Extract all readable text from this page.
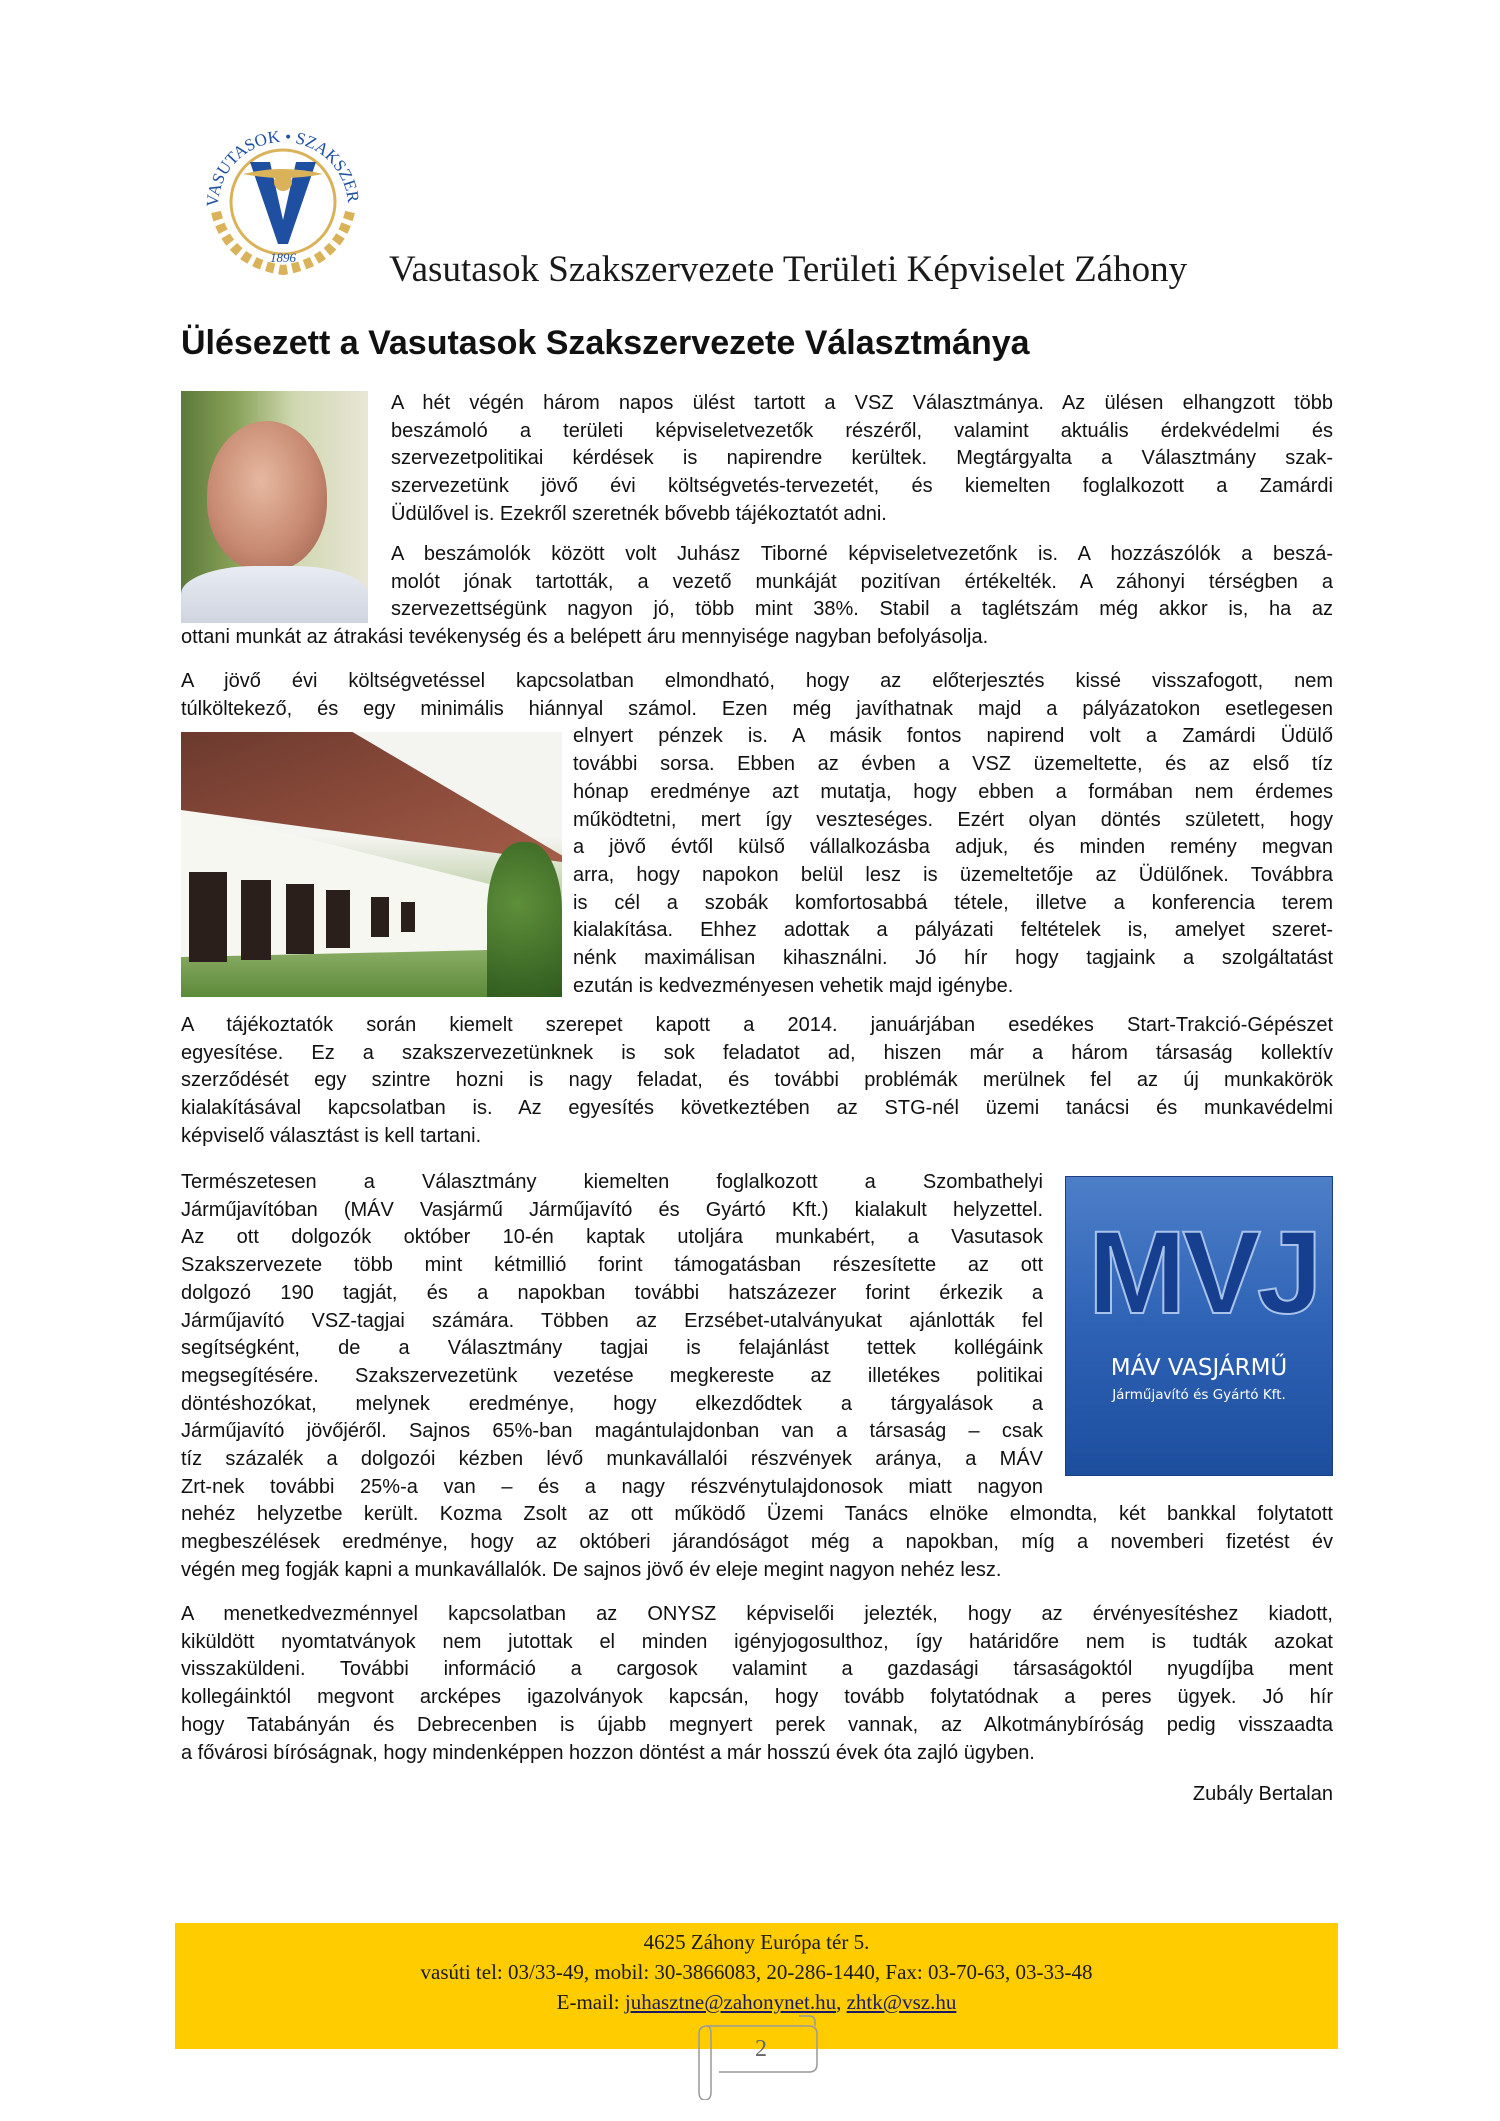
VASUTASOK • SZAKSZER
1896	Vasutasok Szakszervezete Területi Képviselet Záhony
Ülésezett a Vasutasok Szakszervezete Választmánya
MVJ
MÁV VASJÁRMŰ
Járműjavító és Gyártó Kft.
A hét végén három napos ülést tartott a VSZ Választmánya. Az ülésen elhangzott több
beszámoló a területi képviseletvezetők részéről, valamint aktuális érdekvédelmi és
szervezetpolitikai kérdések is napirendre kerültek. Megtárgyalta a Választmány szak-
szervezetünk jövő évi költségvetés-tervezetét, és kiemelten foglalkozott a Zamárdi
Üdülővel is. Ezekről szeretnék bővebb tájékoztatót adni.
A beszámolók között volt Juhász Tiborné képviseletvezetőnk is. A hozzászólók a beszá-
molót jónak tartották, a vezető munkáját pozitívan értékelték. A záhonyi térségben a
szervezettségünk nagyon jó, több mint 38%. Stabil a taglétszám még akkor is, ha az
ottani munkát az átrakási tevékenység és a belépett áru mennyisége nagyban befolyásolja.
A jövő évi költségvetéssel kapcsolatban elmondható, hogy az előterjesztés kissé visszafogott, nem
túlköltekező, és egy minimális hiánnyal számol. Ezen még javíthatnak majd a pályázatokon esetlegesen
elnyert pénzek is. A másik fontos napirend volt a Zamárdi Üdülő
további sorsa. Ebben az évben a VSZ üzemeltette, és az első tíz
hónap eredménye azt mutatja, hogy ebben a formában nem érdemes
működtetni, mert így veszteséges. Ezért olyan döntés született, hogy
a jövő évtől külső vállalkozásba adjuk, és minden remény megvan
arra, hogy napokon belül lesz is üzemeltetője az Üdülőnek. Továbbra
is cél a szobák komfortosabbá tétele, illetve a konferencia terem
kialakítása. Ehhez adottak a pályázati feltételek is, amelyet szeret-
nénk maximálisan kihasználni. Jó hír hogy tagjaink a szolgáltatást
ezután is kedvezményesen vehetik majd igénybe.
A tájékoztatók során kiemelt szerepet kapott a 2014. januárjában esedékes Start-Trakció-Gépészet
egyesítése. Ez a szakszervezetünknek is sok feladatot ad, hiszen már a három társaság kollektív
szerződését egy szintre hozni is nagy feladat, és további problémák merülnek fel az új munkakörök
kialakításával kapcsolatban is. Az egyesítés következtében az STG-nél üzemi tanácsi és munkavédelmi
képviselő választást is kell tartani.
Természetesen a Választmány kiemelten foglalkozott a Szombathelyi
Járműjavítóban (MÁV Vasjármű Járműjavító és Gyártó Kft.) kialakult helyzettel.
Az ott dolgozók október 10-én kaptak utoljára munkabért, a Vasutasok
Szakszervezete több mint kétmillió forint támogatásban részesítette az ott
dolgozó 190 tagját, és a napokban további hatszázezer forint érkezik a
Járműjavító VSZ-tagjai számára. Többen az Erzsébet-utalványukat ajánlották fel
segítségként, de a Választmány tagjai is felajánlást tettek kollégáink
megsegítésére. Szakszervezetünk vezetése megkereste az illetékes politikai
döntéshozókat, melynek eredménye, hogy elkezdődtek a tárgyalások a
Járműjavító jövőjéről. Sajnos 65%-ban magántulajdonban van a társaság – csak
tíz százalék a dolgozói kézben lévő munkavállalói részvények aránya, a MÁV
Zrt-nek további 25%-a van – és a nagy részvénytulajdonosok miatt nagyon
nehéz helyzetbe került. Kozma Zsolt az ott működő Üzemi Tanács elnöke elmondta, két bankkal folytatott
megbeszélések eredménye, hogy az októberi járandóságot még a napokban, míg a novemberi fizetést év
végén meg fogják kapni a munkavállalók. De sajnos jövő év eleje megint nagyon nehéz lesz.
A menetkedvezménnyel kapcsolatban az ONYSZ képviselői jelezték, hogy az érvényesítéshez kiadott,
kiküldött nyomtatványok nem jutottak el minden igényjogosulthoz, így határidőre nem is tudták azokat
visszaküldeni. További információ a cargosok valamint a gazdasági társaságoktól nyugdíjba ment
kollegáinktól megvont arcképes igazolványok kapcsán, hogy tovább folytatódnak a peres ügyek. Jó hír
hogy Tatabányán és Debrecenben is újabb megnyert perek vannak, az Alkotmánybíróság pedig visszaadta
a fővárosi bíróságnak, hogy mindenképpen hozzon döntést a már hosszú évek óta zajló ügyben.
Zubály Bertalan
4625 Záhony Európa tér 5.
vasúti tel: 03/33-49, mobil: 30-3866083, 20-286-1440, Fax: 03-70-63, 03-33-48
E-mail: juhasztne@zahonynet.hu, zhtk@vsz.hu
2
